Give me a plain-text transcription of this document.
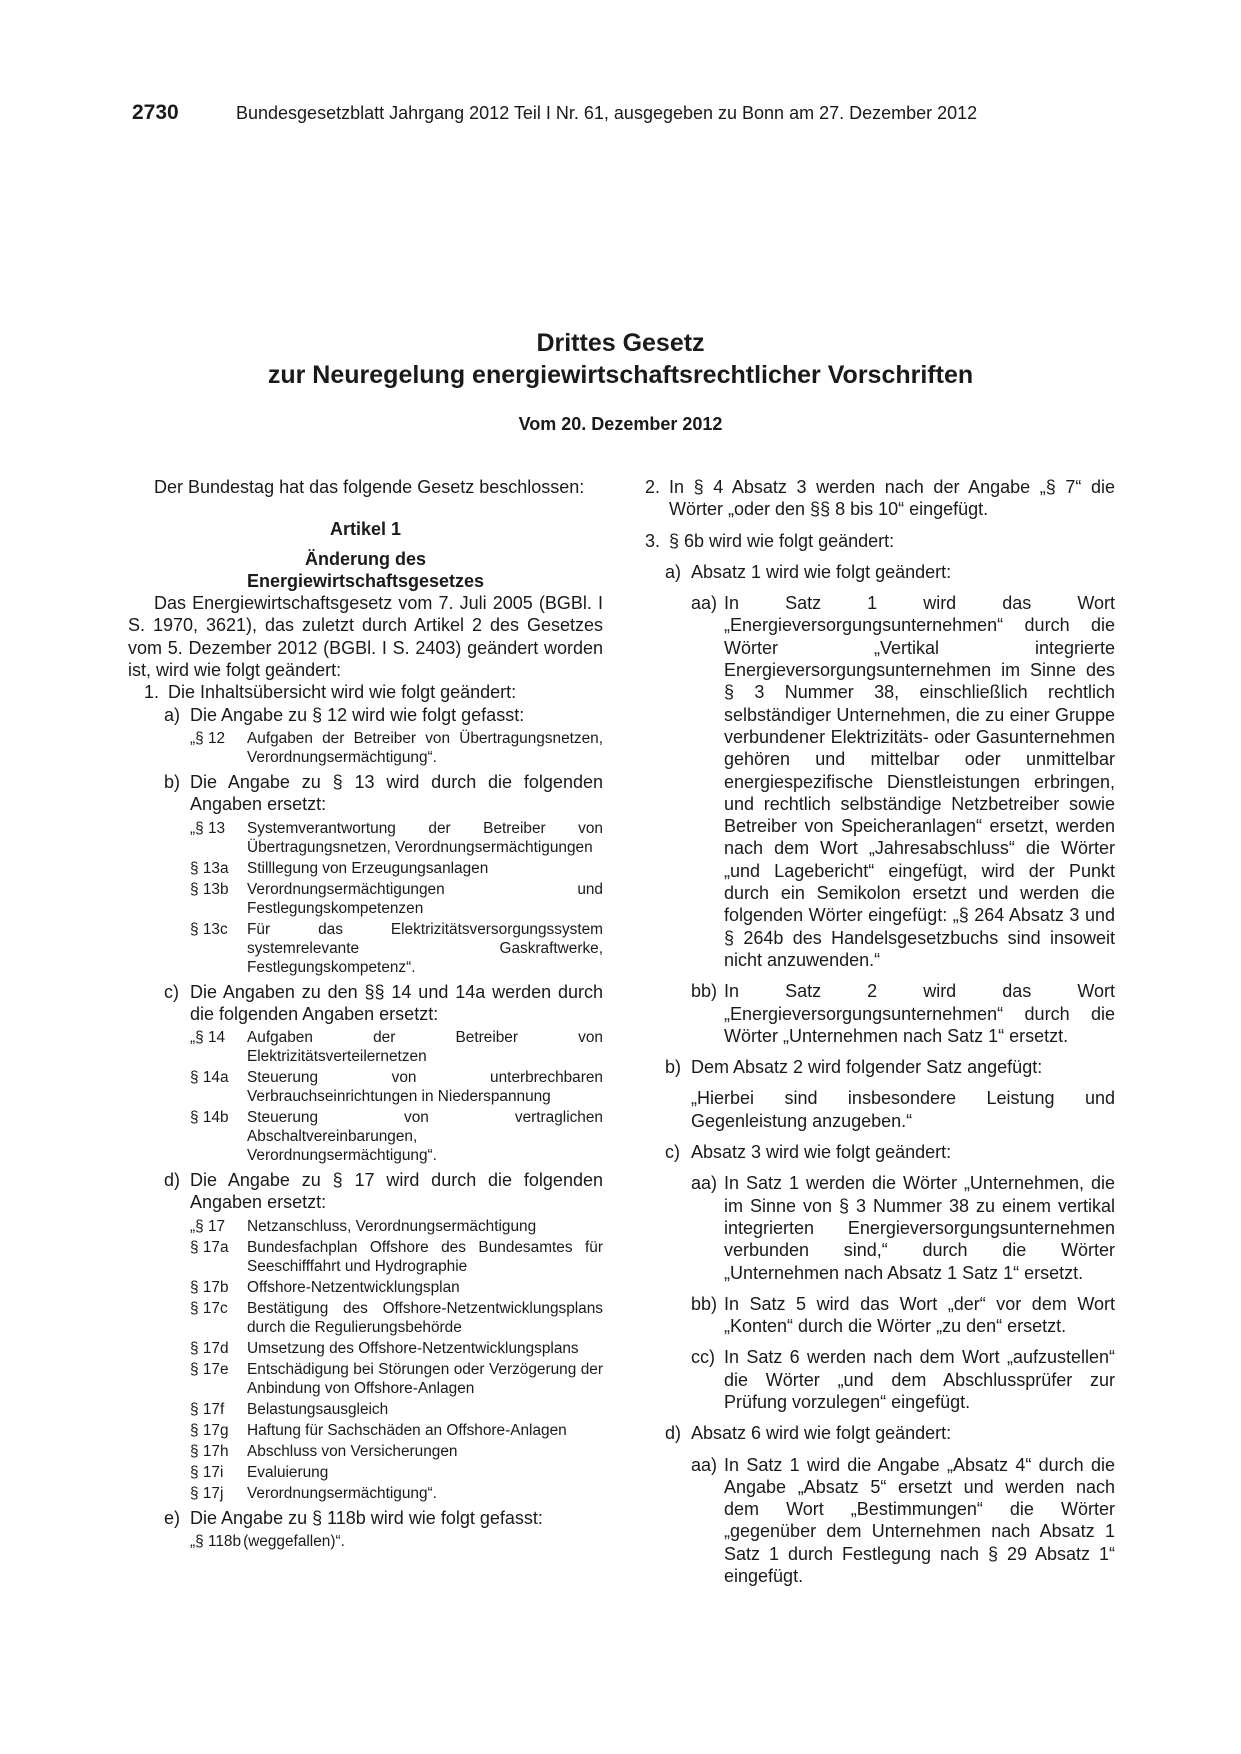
2730	Bundesgesetzblatt Jahrgang 2012 Teil I Nr. 61, ausgegeben zu Bonn am 27. Dezember 2012
Drittes Gesetz
zur Neuregelung energiewirtschaftsrechtlicher Vorschriften
Vom 20. Dezember 2012

Der Bundestag hat das folgende Gesetz beschlossen:

Artikel 1

Änderung des

Energiewirtschaftsgesetzes

Das Energiewirtschaftsgesetz vom 7. Juli 2005 (BGBl. I S. 1970, 3621), das zuletzt durch Artikel 2 des Gesetzes vom 5. Dezember 2012 (BGBl. I S. 2403) geändert worden ist, wird wie folgt geändert:

1. Die Inhaltsübersicht wird wie folgt geändert:
a) Die Angabe zu § 12 wird wie folgt gefasst:
„§ 12	Aufgaben der Betreiber von Übertragungsnetzen, Verordnungsermächtigung“.
b) Die Angabe zu § 13 wird durch die folgenden Angaben ersetzt:
„§ 13	Systemverantwortung der Betreiber von Übertragungsnetzen, Verordnungsermächtigungen
§ 13a	Stilllegung von Erzeugungsanlagen
§ 13b	Verordnungsermächtigungen und Festlegungskompetenzen
§ 13c	Für das Elektrizitätsversorgungssystem systemrelevante Gaskraftwerke, Festlegungskompetenz“.
c) Die Angaben zu den §§ 14 und 14a werden durch die folgenden Angaben ersetzt:
„§ 14	Aufgaben der Betreiber von Elektrizitätsverteilernetzen
§ 14a	Steuerung von unterbrechbaren Verbrauchseinrichtungen in Niederspannung
§ 14b	Steuerung von vertraglichen Abschaltvereinbarungen, Verordnungsermächtigung“.
d) Die Angabe zu § 17 wird durch die folgenden Angaben ersetzt:
„§ 17	Netzanschluss, Verordnungsermächtigung
§ 17a	Bundesfachplan Offshore des Bundesamtes für Seeschifffahrt und Hydrographie
§ 17b	Offshore-Netzentwicklungsplan
§ 17c	Bestätigung des Offshore-Netzentwicklungsplans durch die Regulierungsbehörde
§ 17d	Umsetzung des Offshore-Netzentwicklungsplans
§ 17e	Entschädigung bei Störungen oder Verzögerung der Anbindung von Offshore-Anlagen
§ 17f	Belastungsausgleich
§ 17g	Haftung für Sachschäden an Offshore-Anlagen
§ 17h	Abschluss von Versicherungen
§ 17i	Evaluierung
§ 17j	Verordnungsermächtigung“.
e) Die Angabe zu § 118b wird wie folgt gefasst:
„§ 118b (weggefallen)“.
2. In § 4 Absatz 3 werden nach der Angabe „§ 7“ die Wörter „oder den §§ 8 bis 10“ eingefügt.
3. § 6b wird wie folgt geändert:
a) Absatz 1 wird wie folgt geändert:
aa) In Satz 1 wird das Wort „Energieversorgungsunternehmen“ durch die Wörter „Vertikal integrierte Energieversorgungsunternehmen im Sinne des § 3 Nummer 38, einschließlich rechtlich selbständiger Unternehmen, die zu einer Gruppe verbundener Elektrizitäts- oder Gasunternehmen gehören und mittelbar oder unmittelbar energiespezifische Dienstleistungen erbringen, und rechtlich selbständige Netzbetreiber sowie Betreiber von Speicheranlagen“ ersetzt, werden nach dem Wort „Jahresabschluss“ die Wörter „und Lagebericht“ eingefügt, wird der Punkt durch ein Semikolon ersetzt und werden die folgenden Wörter eingefügt: „§ 264 Absatz 3 und § 264b des Handelsgesetzbuchs sind insoweit nicht anzuwenden.“
bb) In Satz 2 wird das Wort „Energieversorgungsunternehmen“ durch die Wörter „Unternehmen nach Satz 1“ ersetzt.
b) Dem Absatz 2 wird folgender Satz angefügt:

„Hierbei sind insbesondere Leistung und Gegenleistung anzugeben.“

c) Absatz 3 wird wie folgt geändert:
aa) In Satz 1 werden die Wörter „Unternehmen, die im Sinne von § 3 Nummer 38 zu einem vertikal integrierten Energieversorgungsunternehmen verbunden sind,“ durch die Wörter „Unternehmen nach Absatz 1 Satz 1“ ersetzt.
bb) In Satz 5 wird das Wort „der“ vor dem Wort „Konten“ durch die Wörter „zu den“ ersetzt.
cc) In Satz 6 werden nach dem Wort „aufzustellen“ die Wörter „und dem Abschlussprüfer zur Prüfung vorzulegen“ eingefügt.
d) Absatz 6 wird wie folgt geändert:
aa) In Satz 1 wird die Angabe „Absatz 4“ durch die Angabe „Absatz 5“ ersetzt und werden nach dem Wort „Bestimmungen“ die Wörter „gegenüber dem Unternehmen nach Absatz 1 Satz 1 durch Festlegung nach § 29 Absatz 1“ eingefügt.
